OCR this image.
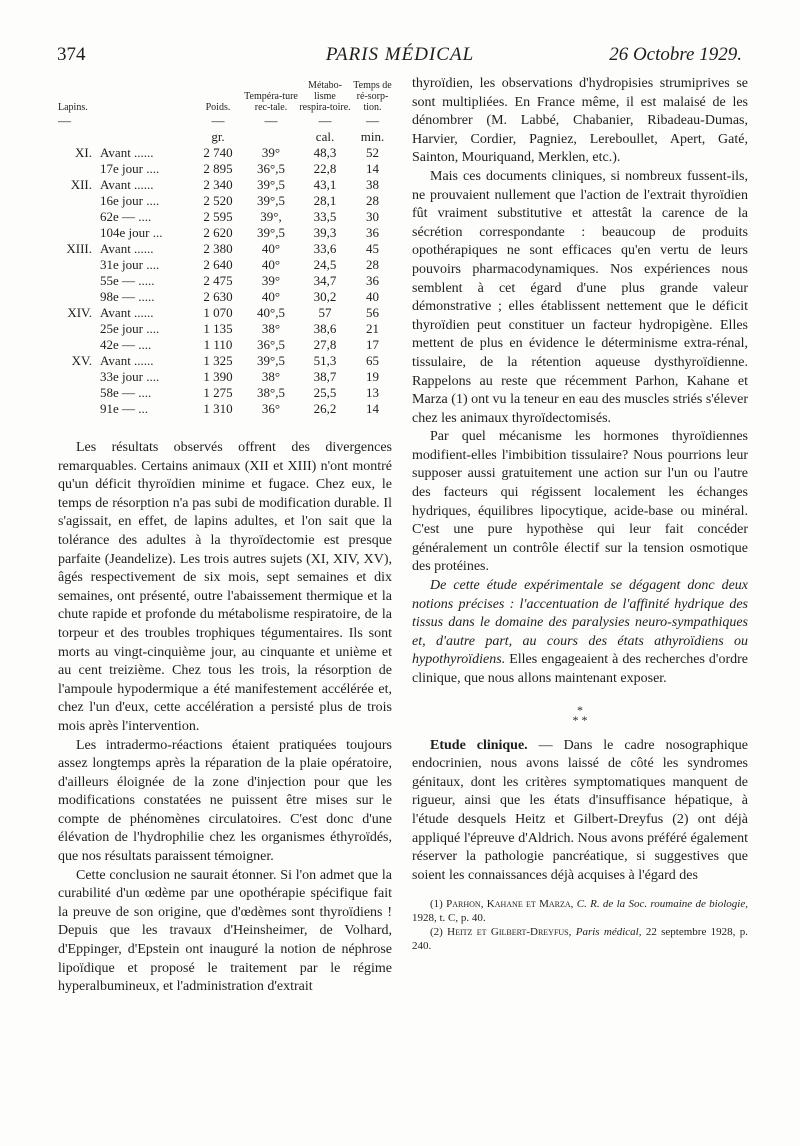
374	PARIS MÉDICAL	26 Octobre 1929.
Lapins.		Poids.	Tempéra-ture rec-tale.	Métabo-lisme respira-toire.	Temps de ré-sorp-tion.
—		—	—	—	—
		gr.		cal.	min.
XI.	Avant ......	2 740	39°	48,3	52
	17e jour ....	2 895	36°,5	22,8	14
XII.	Avant ......	2 340	39°,5	43,1	38
	16e jour ....	2 520	39°,5	28,1	28
	62e — ....	2 595	39°,	33,5	30
	104e jour ...	2 620	39°,5	39,3	36
XIII.	Avant ......	2 380	40°	33,6	45
	31e jour ....	2 640	40°	24,5	28
	55e — .....	2 475	39°	34,7	36
	98e — .....	2 630	40°	30,2	40
XIV.	Avant ......	1 070	40°,5	57	56
	25e jour ....	1 135	38°	38,6	21
	42e — ....	1 110	36°,5	27,8	17
XV.	Avant ......	1 325	39°,5	51,3	65
	33e jour ....	1 390	38°	38,7	19
	58e — ....	1 275	38°,5	25,5	13
	91e — ...	1 310	36°	26,2	14

Les résultats observés offrent des divergences remarquables. Certains animaux (XII et XIII) n'ont montré qu'un déficit thyroïdien minime et fugace. Chez eux, le temps de résorption n'a pas subi de modification durable. Il s'agissait, en effet, de lapins adultes, et l'on sait que la tolérance des adultes à la thyroïdectomie est presque parfaite (Jeandelize). Les trois autres sujets (XI, XIV, XV), âgés respectivement de six mois, sept semaines et dix semaines, ont présenté, outre l'abaissement thermique et la chute rapide et profonde du métabolisme respiratoire, de la torpeur et des troubles trophiques tégumentaires. Ils sont morts au vingt-cinquième jour, au cinquante et unième et au cent treizième. Chez tous les trois, la résorption de l'ampoule hypodermique a été manifestement accélérée et, chez l'un d'eux, cette accélération a persisté plus de trois mois après l'intervention.

Les intradermo-réactions étaient pratiquées toujours assez longtemps après la réparation de la plaie opératoire, d'ailleurs éloignée de la zone d'injection pour que les modifications constatées ne puissent être mises sur le compte de phénomènes circulatoires. C'est donc d'une élévation de l'hydrophilie chez les organismes éthyroïdés, que nos résultats paraissent témoigner.

Cette conclusion ne saurait étonner. Si l'on admet que la curabilité d'un œdème par une opothérapie spécifique fait la preuve de son origine, que d'œdèmes sont thyroïdiens ! Depuis que les travaux d'Heinsheimer, de Volhard, d'Eppinger, d'Epstein ont inauguré la notion de néphrose lipoïdique et proposé le traitement par le régime hyperalbumineux, et l'administration d'extrait

thyroïdien, les observations d'hydropisies strumiprives se sont multipliées. En France même, il est malaisé de les dénombrer (M. Labbé, Chabanier, Ribadeau-Dumas, Harvier, Cordier, Pagniez, Lereboullet, Apert, Gaté, Sainton, Mouriquand, Merklen, etc.).

Mais ces documents cliniques, si nombreux fussent-ils, ne prouvaient nullement que l'action de l'extrait thyroïdien fût vraiment substitutive et attestât la carence de la sécrétion correspondante : beaucoup de produits opothérapiques ne sont efficaces qu'en vertu de leurs pouvoirs pharmacodynamiques. Nos expériences nous semblent à cet égard d'une plus grande valeur démonstrative ; elles établissent nettement que le déficit thyroïdien peut constituer un facteur hydropigène. Elles mettent de plus en évidence le déterminisme extra-rénal, tissulaire, de la rétention aqueuse dysthyroïdienne. Rappelons au reste que récemment Parhon, Kahane et Marza (1) ont vu la teneur en eau des muscles striés s'élever chez les animaux thyroïdectomisés.

Par quel mécanisme les hormones thyroïdiennes modifient-elles l'imbibition tissulaire? Nous pourrions leur supposer aussi gratuitement une action sur l'un ou l'autre des facteurs qui régissent localement les échanges hydriques, équilibres lipocytique, acide-base ou minéral. C'est une pure hypothèse qui leur fait concéder généralement un contrôle électif sur la tension osmotique des protéines.

De cette étude expérimentale se dégagent donc deux notions précises : l'accentuation de l'affinité hydrique des tissus dans le domaine des paralysies neuro-sympathiques et, d'autre part, au cours des états athyroïdiens ou hypothyroïdiens. Elles engageaient à des recherches d'ordre clinique, que nous allons maintenant exposer.

*
* *

Etude clinique. — Dans le cadre nosographique endocrinien, nous avons laissé de côté les syndromes génitaux, dont les critères symptomatiques manquent de rigueur, ainsi que les états d'insuffisance hépatique, à l'étude desquels Heitz et Gilbert-Dreyfus (2) ont déjà appliqué l'épreuve d'Aldrich. Nous avons préféré également réserver la pathologie pancréatique, si suggestives que soient les connaissances déjà acquises à l'égard des

(1) Parhon, Kahane et Marza, C. R. de la Soc. roumaine de biologie, 1928, t. C, p. 40.

(2) Heitz et Gilbert-Dreyfus, Paris médical, 22 septembre 1928, p. 240.
